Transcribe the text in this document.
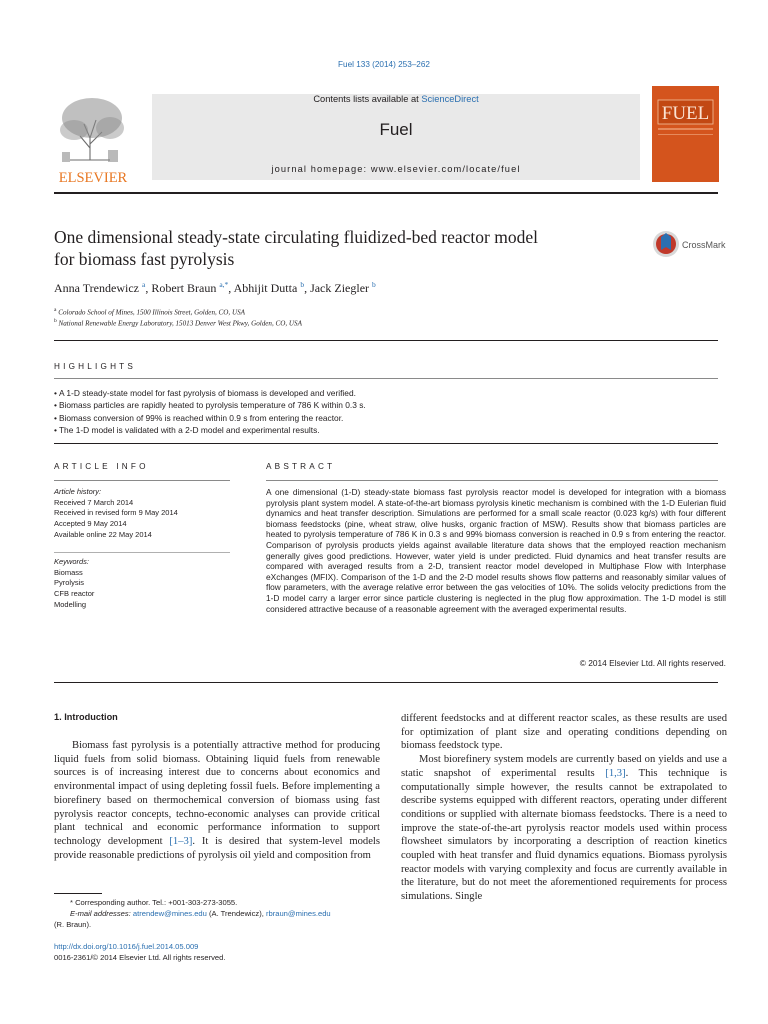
Fuel 133 (2014) 253–262
ELSEVIER
Contents lists available at ScienceDirect
Fuel
journal homepage: www.elsevier.com/locate/fuel
FUEL
One dimensional steady-state circulating fluidized-bed reactor model
for biomass fast pyrolysis
CrossMark
Anna Trendewicz $^a$, Robert Braun $^{a,*}$, Abhijit Dutta $^b$, Jack Ziegler $^b$
$^a$ Colorado School of Mines, 1500 Illinois Street, Golden, CO, USA
$^b$ National Renewable Energy Laboratory, 15013 Denver West Pkwy, Golden, CO, USA
HIGHLIGHTS
• A 1-D steady-state model for fast pyrolysis of biomass is developed and verified.
• Biomass particles are rapidly heated to pyrolysis temperature of 786 K within 0.3 s.
• Biomass conversion of 99% is reached within 0.9 s from entering the reactor.
• The 1-D model is validated with a 2-D model and experimental results.
ARTICLE INFO	ABSTRACT
Article history:
Received 7 March 2014
Received in revised form 9 May 2014
Accepted 9 May 2014
Available online 22 May 2014
Keywords:
Biomass
Pyrolysis
CFB reactor
Modelling
A one dimensional (1-D) steady-state biomass fast pyrolysis reactor model is developed for integration with a biomass pyrolysis plant system model. A state-of-the-art biomass pyrolysis kinetic mechanism is combined with the 1-D Eulerian fluid dynamics and heat transfer description. Simulations are performed for a small scale reactor (0.023 kg/s) with four different biomass feedstocks (pine, wheat straw, olive husks, organic fraction of MSW). Results show that biomass particles are heated to pyrolysis temperature of 786 K in 0.3 s and 99% biomass conversion is reached in 0.9 s from entering the reactor. Comparison of pyrolysis products yields against available literature data shows that the employed reaction mechanism generally gives good predictions. However, water yield is under predicted. Fluid dynamics and heat transfer results are compared with averaged results from a 2-D, transient reactor model developed in Multiphase Flow with Interphase eXchanges (MFIX). Comparison of the 1-D and the 2-D model results shows flow patterns and reasonably similar values of flow parameters, with the average relative error between the gas velocities of 10%. The solids velocity predictions from the 1-D model carry a larger error since particle clustering is neglected in the plug flow approximation. The 1-D model is still considered attractive because of a reasonable agreement with the averaged experimental results.
© 2014 Elsevier Ltd. All rights reserved.
1. Introduction
Biomass fast pyrolysis is a potentially attractive method for producing liquid fuels from solid biomass. Obtaining liquid fuels from renewable sources is of increasing interest due to concerns about economics and environmental impact of using depleting fossil fuels. Before implementing a biorefinery based on thermochemical conversion of biomass using fast pyrolysis reactor concepts, techno-economic analyses can provide critical plant technical and economic performance information to support technology development [1–3]. It is desired that system-level models provide reasonable predictions of pyrolysis oil yield and composition from
different feedstocks and at different reactor scales, as these results are used for optimization of plant size and operating conditions depending on biomass feedstock type.
Most biorefinery system models are currently based on yields and use a static snapshot of experimental results [1,3]. This technique is computationally simple however, the results cannot be extrapolated to describe systems equipped with different reactors, operating under different conditions or supplied with alternate biomass feedstocks. There is a need to improve the state-of-the-art pyrolysis reactor models used within process flowsheet simulators by incorporating a description of reaction kinetics coupled with heat transfer and fluid dynamics equations. Biomass pyrolysis reactor models with varying complexity and focus are currently available in the literature, but do not meet the aforementioned requirements for process simulations. Single
* Corresponding author. Tel.: +001-303-273-3055.
E-mail addresses: atrendew@mines.edu (A. Trendewicz), rbraun@mines.edu
(R. Braun).
http://dx.doi.org/10.1016/j.fuel.2014.05.009
0016-2361/© 2014 Elsevier Ltd. All rights reserved.
